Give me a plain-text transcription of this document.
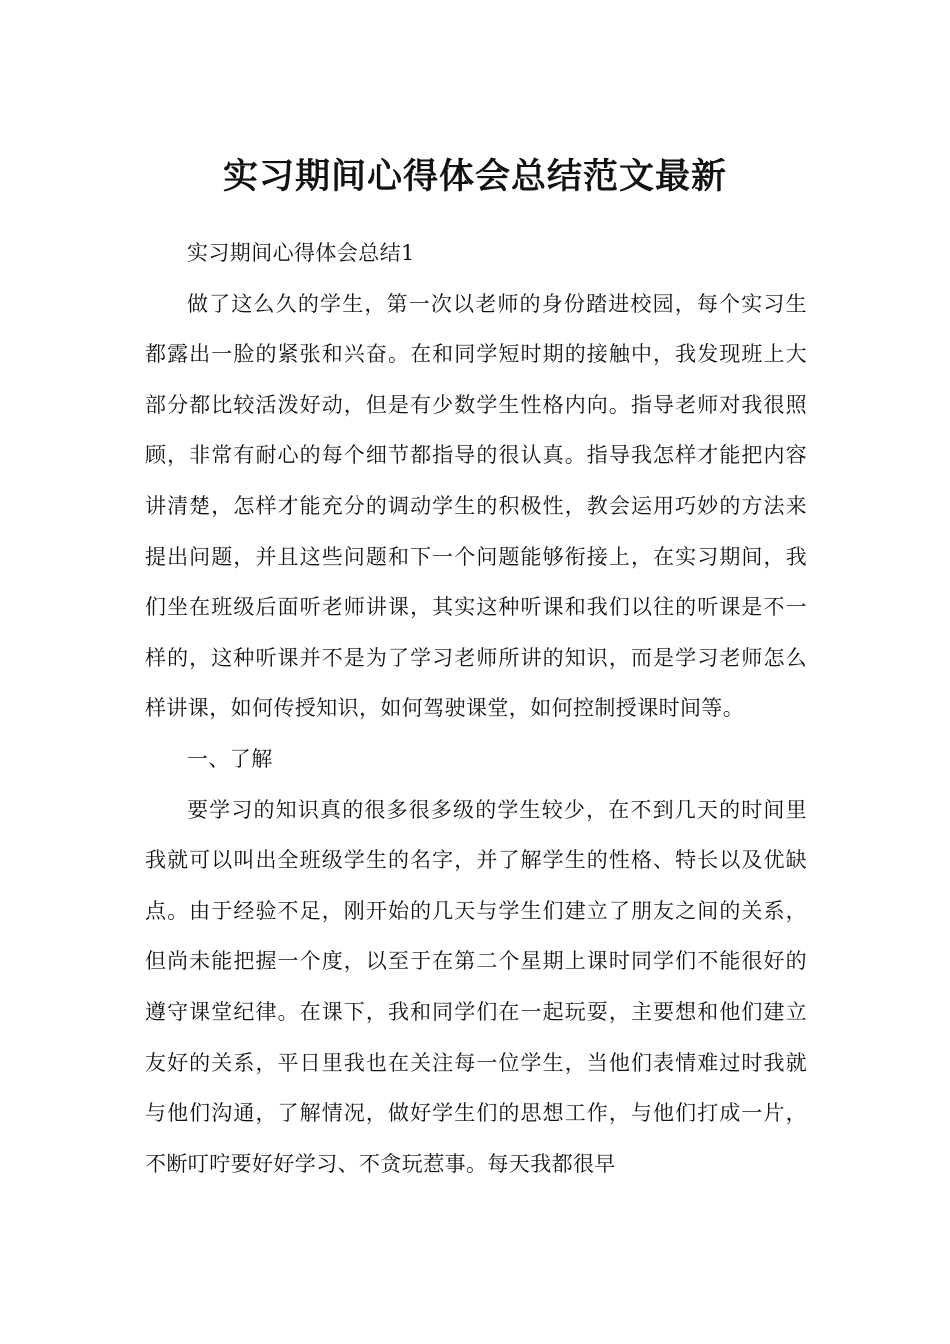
实习期间心得体会总结范文最新

实习期间心得体会总结1

做了这么久的学生，第一次以老师的身份踏进校园，每个实习生都露出一脸的紧张和兴奋。在和同学短时期的接触中，我发现班上大部分都比较活泼好动，但是有少数学生性格内向。指导老师对我很照顾，非常有耐心的每个细节都指导的很认真。指导我怎样才能把内容讲清楚，怎样才能充分的调动学生的积极性，教会运用巧妙的方法来提出问题，并且这些问题和下一个问题能够衔接上，在实习期间，我们坐在班级后面听老师讲课，其实这种听课和我们以往的听课是不一样的，这种听课并不是为了学习老师所讲的知识，而是学习老师怎么样讲课，如何传授知识，如何驾驶课堂，如何控制授课时间等。

一、了解

要学习的知识真的很多很多级的学生较少，在不到几天的时间里我就可以叫出全班级学生的名字，并了解学生的性格、特长以及优缺点。由于经验不足，刚开始的几天与学生们建立了朋友之间的关系，但尚未能把握一个度，以至于在第二个星期上课时同学们不能很好的遵守课堂纪律。在课下，我和同学们在一起玩耍，主要想和他们建立友好的关系，平日里我也在关注每一位学生，当他们表情难过时我就与他们沟通，了解情况，做好学生们的思想工作，与他们打成一片，不断叮咛要好好学习、不贪玩惹事。每天我都很早
